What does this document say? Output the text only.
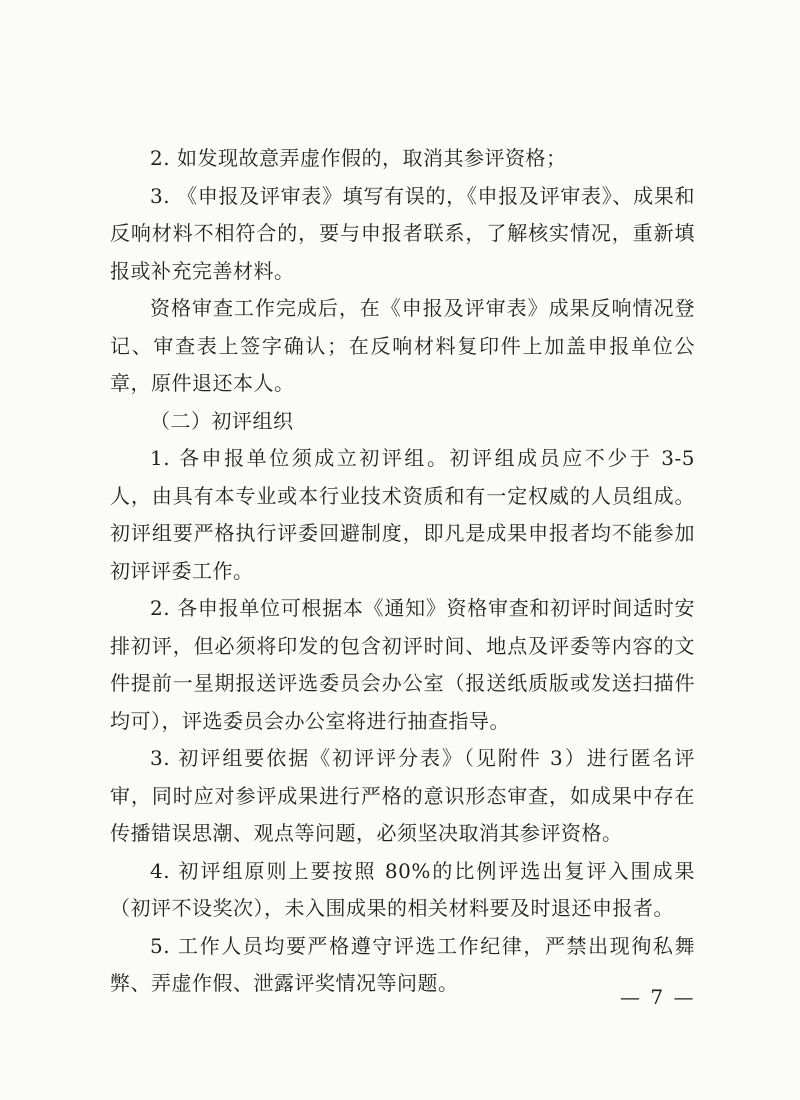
2. 如发现故意弄虚作假的，取消其参评资格；

3. 《申报及评审表》填写有误的，《申报及评审表》、成果和反响材料不相符合的，要与申报者联系，了解核实情况，重新填报或补充完善材料。

资格审查工作完成后，在《申报及评审表》成果反响情况登记、审查表上签字确认；在反响材料复印件上加盖申报单位公章，原件退还本人。

（二）初评组织

1. 各申报单位须成立初评组。初评组成员应不少于 3-5 人，由具有本专业或本行业技术资质和有一定权威的人员组成。初评组要严格执行评委回避制度，即凡是成果申报者均不能参加初评评委工作。

2. 各申报单位可根据本《通知》资格审查和初评时间适时安排初评，但必须将印发的包含初评时间、地点及评委等内容的文件提前一星期报送评选委员会办公室（报送纸质版或发送扫描件均可），评选委员会办公室将进行抽查指导。

3. 初评组要依据《初评评分表》（见附件 3）进行匿名评审，同时应对参评成果进行严格的意识形态审查，如成果中存在传播错误思潮、观点等问题，必须坚决取消其参评资格。

4. 初评组原则上要按照 80%的比例评选出复评入围成果（初评不设奖次），未入围成果的相关材料要及时退还申报者。

5. 工作人员均要严格遵守评选工作纪律，严禁出现徇私舞弊、弄虚作假、泄露评奖情况等问题。

— 7 —
